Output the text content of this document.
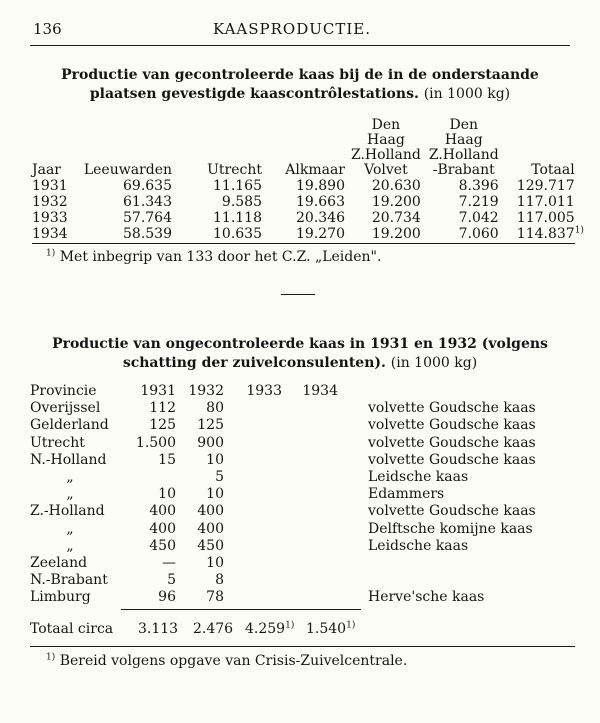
136	KAASPRODUCTIE.
Productie van gecontroleerde kaas bij de in de onderstaande plaatsen gevestigde kaascontrôlestations. (in 1000 kg)
Jaar	Leeuwarden	Utrecht	Alkmaar	Den Haag Z.Holland Volvet	Den Haag Z.Holland -Brabant	Totaal	
1931	69.635	11.165	19.890	20.630	8.396	129.717	
1932	61.343	9.585	19.663	19.200	7.219	117.011	
1933	57.764	11.118	20.346	20.734	7.042	117.005	
1934	58.539	10.635	19.270	19.200	7.060	114.837	$^{1)}$
$^{1)}$ Met inbegrip van 133 door het C.Z. „Leiden".
Productie van ongecontroleerde kaas in 1931 en 1932 (volgens schatting der zuivelconsulenten). (in 1000 kg)
Provincie	1931	1932	1933	1934		
Overijssel	112	80				volvette Goudsche kaas
Gelderland	125	125				volvette Goudsche kaas
Utrecht	1.500	900				volvette Goudsche kaas
N.-Holland	15	10				volvette Goudsche kaas
„		5				Leidsche kaas
„	10	10				Edammers
Z.-Holland	400	400				volvette Goudsche kaas
„	400	400				Delftsche komijne kaas
„	450	450				Leidsche kaas
Zeeland	—	10				
N.-Brabant	5	8				
Limburg	96	78				Herve'sche kaas
Totaal circa 3.113 2.476 4.259$^{1)}$ 1.540$^{1)}$
$^{1)}$ Bereid volgens opgave van Crisis-Zuivelcentrale.
